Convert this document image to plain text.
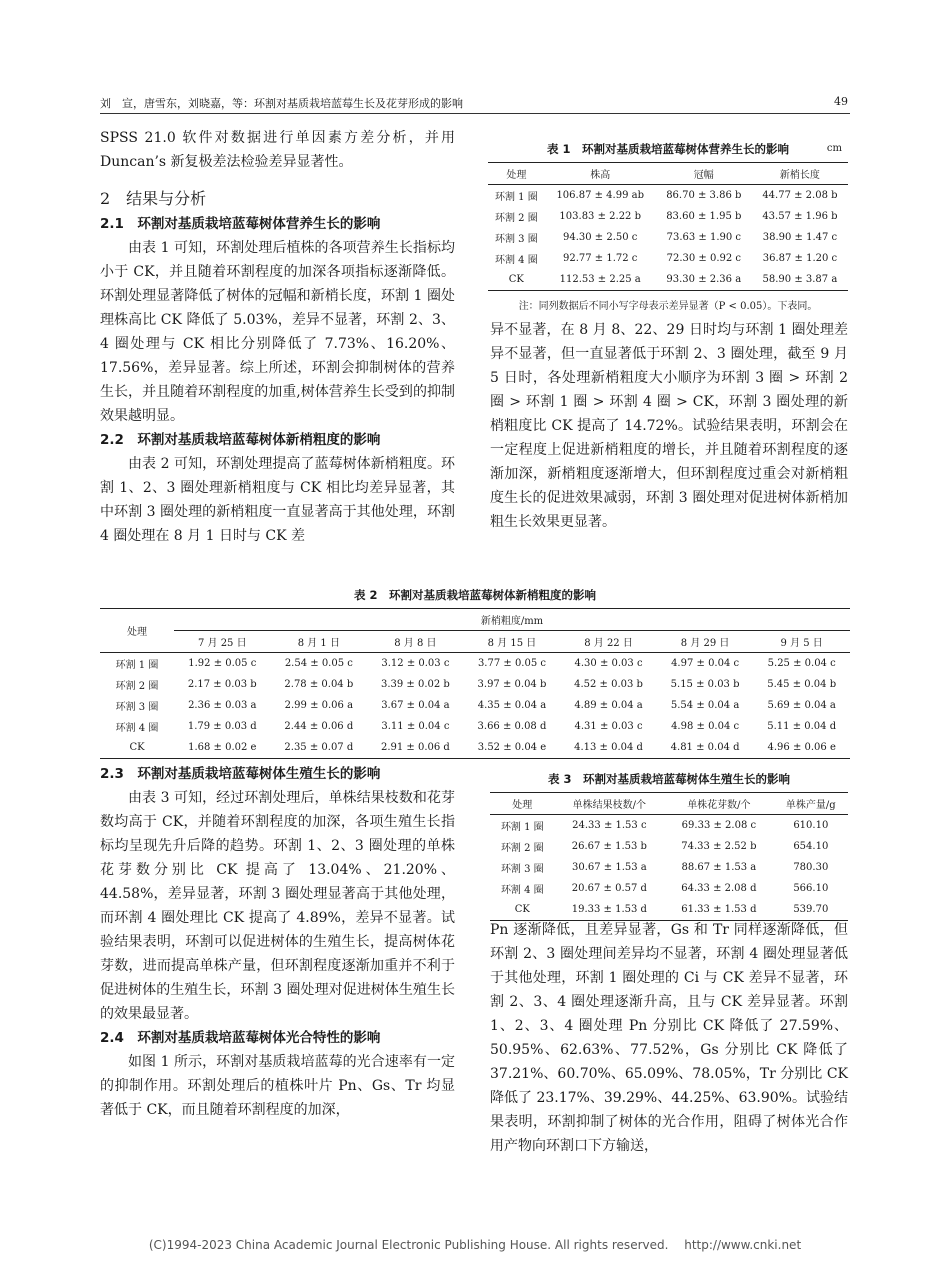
刘　宣，唐雪东，刘晓嘉，等：环割对基质栽培蓝莓生长及花芽形成的影响	49

SPSS 21.0 软件对数据进行单因素方差分析，并用 Duncan’s 新复极差法检验差异显著性。

2　结果与分析

2.1　环割对基质栽培蓝莓树体营养生长的影响

由表 1 可知，环割处理后植株的各项营养生长指标均小于 CK，并且随着环割程度的加深各项指标逐渐降低。环割处理显著降低了树体的冠幅和新梢长度，环割 1 圈处理株高比 CK 降低了 5.03%，差异不显著，环割 2、3、4 圈处理与 CK 相比分别降低了 7.73%、16.20%、17.56%，差异显著。综上所述，环割会抑制树体的营养生长，并且随着环割程度的加重,树体营养生长受到的抑制效果越明显。

2.2　环割对基质栽培蓝莓树体新梢粗度的影响

由表 2 可知，环割处理提高了蓝莓树体新梢粗度。环割 1、2、3 圈处理新梢粗度与 CK 相比均差异显著，其中环割 3 圈处理的新梢粗度一直显著高于其他处理，环割 4 圈处理在 8 月 1 日时与 CK 差

表 1　环割对基质栽培蓝莓树体营养生长的影响	cm
处理	株高	冠幅	新梢长度
环割 1 圈	106.87 ± 4.99 ab	86.70 ± 3.86 b	44.77 ± 2.08 b
环割 2 圈	103.83 ± 2.22 b	83.60 ± 1.95 b	43.57 ± 1.96 b
环割 3 圈	94.30 ± 2.50 c	73.63 ± 1.90 c	38.90 ± 1.47 c
环割 4 圈	92.77 ± 1.72 c	72.30 ± 0.92 c	36.87 ± 1.20 c
CK	112.53 ± 2.25 a	93.30 ± 2.36 a	58.90 ± 3.87 a
注：同列数据后不同小写字母表示差异显著（P < 0.05）。下表同。

异不显著，在 8 月 8、22、29 日时均与环割 1 圈处理差异不显著，但一直显著低于环割 2、3 圈处理，截至 9 月 5 日时，各处理新梢粗度大小顺序为环割 3 圈 > 环割 2 圈 > 环割 1 圈 > 环割 4 圈 > CK，环割 3 圈处理的新梢粗度比 CK 提高了 14.72%。试验结果表明，环割会在一定程度上促进新梢粗度的增长，并且随着环割程度的逐渐加深，新梢粗度逐渐增大，但环割程度过重会对新梢粗度生长的促进效果减弱，环割 3 圈处理对促进树体新梢加粗生长效果更显著。

表 2　环割对基质栽培蓝莓树体新梢粗度的影响
处理	新梢粗度/mm						
	7 月 25 日	8 月 1 日	8 月 8 日	8 月 15 日	8 月 22 日	8 月 29 日	9 月 5 日
环割 1 圈	1.92 ± 0.05 c	2.54 ± 0.05 c	3.12 ± 0.03 c	3.77 ± 0.05 c	4.30 ± 0.03 c	4.97 ± 0.04 c	5.25 ± 0.04 c
环割 2 圈	2.17 ± 0.03 b	2.78 ± 0.04 b	3.39 ± 0.02 b	3.97 ± 0.04 b	4.52 ± 0.03 b	5.15 ± 0.03 b	5.45 ± 0.04 b
环割 3 圈	2.36 ± 0.03 a	2.99 ± 0.06 a	3.67 ± 0.04 a	4.35 ± 0.04 a	4.89 ± 0.04 a	5.54 ± 0.04 a	5.69 ± 0.04 a
环割 4 圈	1.79 ± 0.03 d	2.44 ± 0.06 d	3.11 ± 0.04 c	3.66 ± 0.08 d	4.31 ± 0.03 c	4.98 ± 0.04 c	5.11 ± 0.04 d
CK	1.68 ± 0.02 e	2.35 ± 0.07 d	2.91 ± 0.06 d	3.52 ± 0.04 e	4.13 ± 0.04 d	4.81 ± 0.04 d	4.96 ± 0.06 e

2.3　环割对基质栽培蓝莓树体生殖生长的影响

由表 3 可知，经过环割处理后，单株结果枝数和花芽数均高于 CK，并随着环割程度的加深，各项生殖生长指标均呈现先升后降的趋势。环割 1、2、3 圈处理的单株花芽数分别比 CK 提高了 13.04%、21.20%、44.58%，差异显著，环割 3 圈处理显著高于其他处理，而环割 4 圈处理比 CK 提高了 4.89%，差异不显著。试验结果表明，环割可以促进树体的生殖生长，提高树体花芽数，进而提高单株产量，但环割程度逐渐加重并不利于促进树体的生殖生长，环割 3 圈处理对促进树体生殖生长的效果最显著。

2.4　环割对基质栽培蓝莓树体光合特性的影响

如图 1 所示，环割对基质栽培蓝莓的光合速率有一定的抑制作用。环割处理后的植株叶片 Pn、Gs、Tr 均显著低于 CK，而且随着环割程度的加深，

表 3　环割对基质栽培蓝莓树体生殖生长的影响
处理	单株结果枝数/个	单株花芽数/个	单株产量/g
环割 1 圈	24.33 ± 1.53 c	69.33 ± 2.08 c	610.10
环割 2 圈	26.67 ± 1.53 b	74.33 ± 2.52 b	654.10
环割 3 圈	30.67 ± 1.53 a	88.67 ± 1.53 a	780.30
环割 4 圈	20.67 ± 0.57 d	64.33 ± 2.08 d	566.10
CK	19.33 ± 1.53 d	61.33 ± 1.53 d	539.70

Pn 逐渐降低，且差异显著，Gs 和 Tr 同样逐渐降低，但环割 2、3 圈处理间差异均不显著，环割 4 圈处理显著低于其他处理，环割 1 圈处理的 Ci 与 CK 差异不显著，环割 2、3、4 圈处理逐渐升高，且与 CK 差异显著。环割 1、2、3、4 圈处理 Pn 分别比 CK 降低了 27.59%、50.95%、62.63%、77.52%，Gs 分别比 CK 降低了 37.21%、60.70%、65.09%、78.05%，Tr 分别比 CK 降低了 23.17%、39.29%、44.25%、63.90%。试验结果表明，环割抑制了树体的光合作用，阻碍了树体光合作用产物向环割口下方输送，

(C)1994-2023 China Academic Journal Electronic Publishing House. All rights reserved.　 http://www.cnki.net
